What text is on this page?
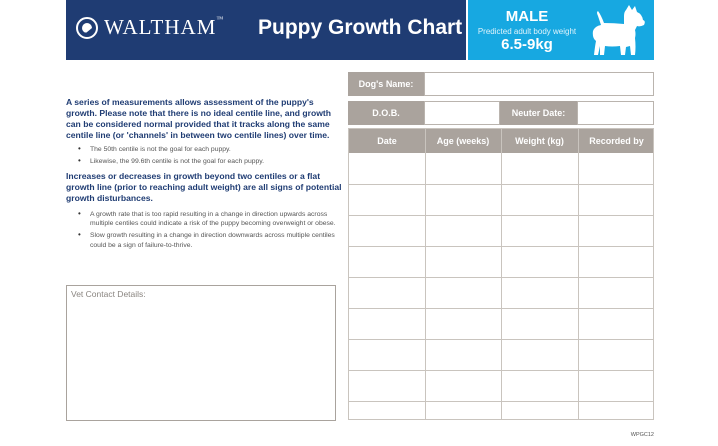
WALTHAM™ Puppy Growth Chart	MALE
Predicted adult body weight
6.5-9kg

A series of measurements allows assessment of the puppy's growth. Please note that there is no ideal centile line, and growth can be considered normal provided that it tracks along the same centile line (or 'channels' in between two centile lines) over time.

• The 50th centile is not the goal for each puppy.
• Likewise, the 99.6th centile is not the goal for each puppy.

Increases or decreases in growth beyond two centiles or a flat growth line (prior to reaching adult weight) are all signs of potential growth disturbances.

• A growth rate that is too rapid resulting in a change in direction upwards across multiple centiles could indicate a risk of the puppy becoming overweight or obese.
• Slow growth resulting in a change in direction downwards across multiple centiles could be a sign of failure-to-thrive.
Vet Contact Details:
Dog's Name:
D.O.B.	Neuter Date:
Date	Age (weeks)	Weight (kg)	Recorded by
WPGC12
